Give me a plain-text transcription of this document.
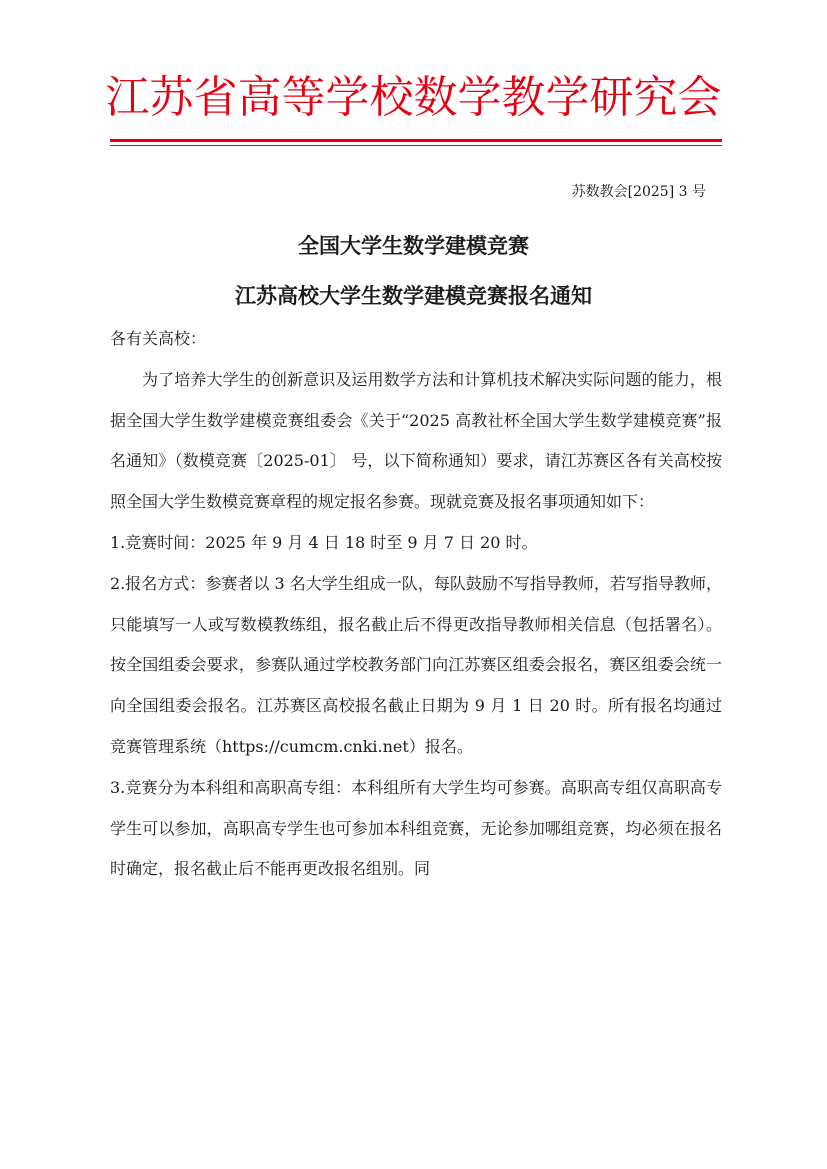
江苏省高等学校数学教学研究会
苏数教会[2025] 3 号
全国大学生数学建模竞赛
江苏高校大学生数学建模竞赛报名通知

各有关高校：

为了培养大学生的创新意识及运用数学方法和计算机技术解决实际问题的能力，根据全国大学生数学建模竞赛组委会《关于“2025 高教社杯全国大学生数学建模竞赛”报名通知》（数模竞赛〔2025-01〕 号，以下简称通知）要求，请江苏赛区各有关高校按照全国大学生数模竞赛章程的规定报名参赛。现就竞赛及报名事项通知如下：

1.竞赛时间：2025 年 9 月 4 日 18 时至 9 月 7 日 20 时。

2.报名方式：参赛者以 3 名大学生组成一队，每队鼓励不写指导教师，若写指导教师，只能填写一人或写数模教练组，报名截止后不得更改指导教师相关信息（包括署名）。按全国组委会要求，参赛队通过学校教务部门向江苏赛区组委会报名，赛区组委会统一向全国组委会报名。江苏赛区高校报名截止日期为 9 月 1 日 20 时。所有报名均通过竞赛管理系统（https://cumcm.cnki.net）报名。

3.竞赛分为本科组和高职高专组：本科组所有大学生均可参赛。高职高专组仅高职高专学生可以参加，高职高专学生也可参加本科组竞赛，无论参加哪组竞赛，均必须在报名时确定，报名截止后不能再更改报名组别。同
